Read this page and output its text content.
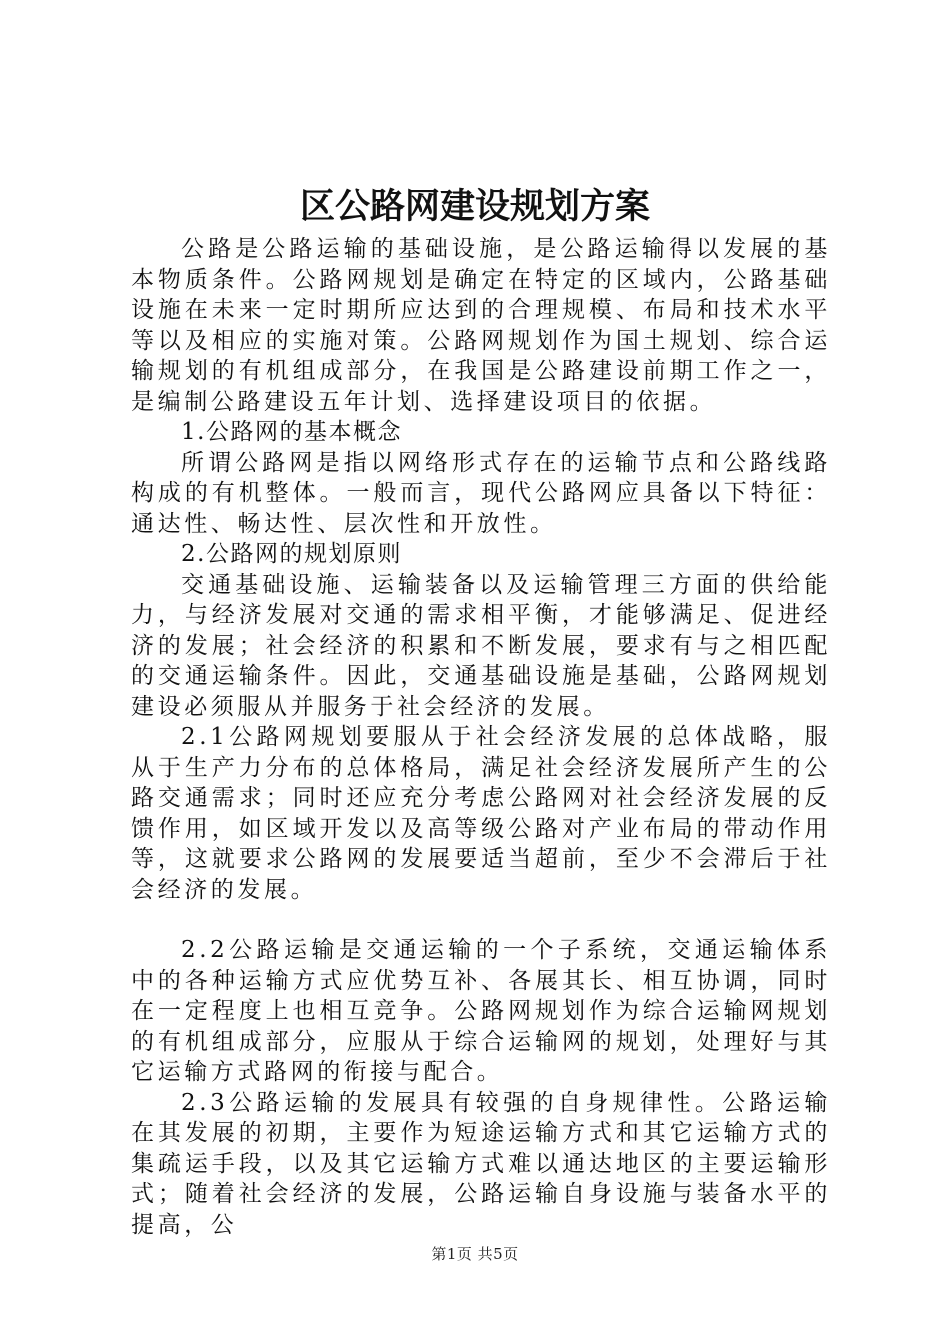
区公路网建设规划方案

公路是公路运输的基础设施，是公路运输得以发展的基本物质条件。公路网规划是确定在特定的区域内，公路基础设施在未来一定时期所应达到的合理规模、布局和技术水平等以及相应的实施对策。公路网规划作为国土规划、综合运输规划的有机组成部分，在我国是公路建设前期工作之一，是编制公路建设五年计划、选择建设项目的依据。

1.公路网的基本概念

所谓公路网是指以网络形式存在的运输节点和公路线路构成的有机整体。一般而言，现代公路网应具备以下特征：通达性、畅达性、层次性和开放性。

2.公路网的规划原则

交通基础设施、运输装备以及运输管理三方面的供给能力，与经济发展对交通的需求相平衡，才能够满足、促进经济的发展；社会经济的积累和不断发展，要求有与之相匹配的交通运输条件。因此，交通基础设施是基础，公路网规划建设必须服从并服务于社会经济的发展。

2.1公路网规划要服从于社会经济发展的总体战略，服从于生产力分布的总体格局，满足社会经济发展所产生的公路交通需求；同时还应充分考虑公路网对社会经济发展的反馈作用，如区域开发以及高等级公路对产业布局的带动作用等，这就要求公路网的发展要适当超前，至少不会滞后于社会经济的发展。

2.2公路运输是交通运输的一个子系统，交通运输体系中的各种运输方式应优势互补、各展其长、相互协调，同时在一定程度上也相互竞争。公路网规划作为综合运输网规划的有机组成部分，应服从于综合运输网的规划，处理好与其它运输方式路网的衔接与配合。

2.3公路运输的发展具有较强的自身规律性。公路运输在其发展的初期，主要作为短途运输方式和其它运输方式的集疏运手段，以及其它运输方式难以通达地区的主要运输形式；随着社会经济的发展，公路运输自身设施与装备水平的提高，公

第1页 共5页
